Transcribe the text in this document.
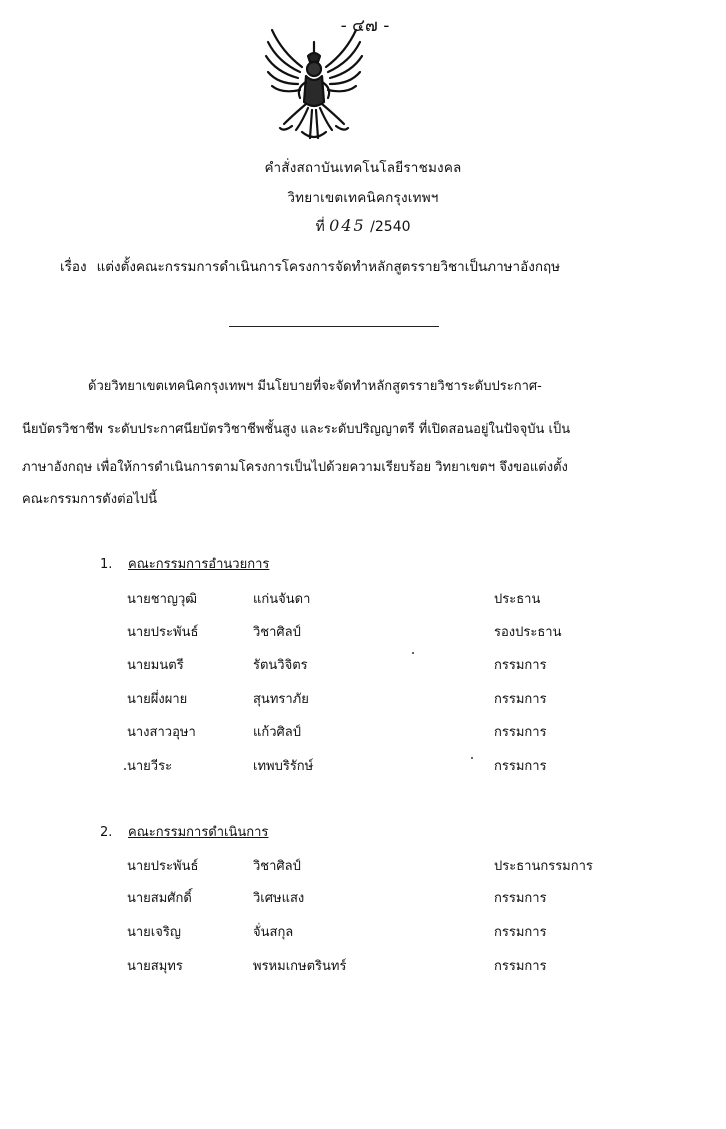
- ๔๗ -
คำสั่งสถาบันเทคโนโลยีราชมงคล
วิทยาเขตเทคนิคกรุงเทพฯ
ที่ 045 /2540
เรื่อง แต่งตั้งคณะกรรมการดำเนินการโครงการจัดทำหลักสูตรรายวิชาเป็นภาษาอังกฤษ
ด้วยวิทยาเขตเทคนิคกรุงเทพฯ มีนโยบายที่จะจัดทำหลักสูตรรายวิชาระดับประกาศ-
นียบัตรวิชาชีพ ระดับประกาศนียบัตรวิชาชีพชั้นสูง และระดับปริญญาตรี ที่เปิดสอนอยู่ในปัจจุบัน เป็น
ภาษาอังกฤษ เพื่อให้การดำเนินการตามโครงการเป็นไปด้วยความเรียบร้อย วิทยาเขตฯ จึงขอแต่งตั้ง
คณะกรรมการดังต่อไปนี้
1. คณะกรรมการอำนวยการ
นายชาญวุฒิ	แก่นจันดา	ประธาน
นายประพันธ์	วิชาศิลป์	รองประธาน
นายมนตรี	รัตนวิจิตร	กรรมการ
นายผึ่งผาย	สุนทราภัย	กรรมการ
นางสาวอุษา	แก้วศิลป์	กรรมการ
นายวีระ	เทพบริรักษ์	กรรมการ
2. คณะกรรมการดำเนินการ
นายประพันธ์	วิชาศิลป์	ประธานกรรมการ
นายสมศักดิ์	วิเศษแสง	กรรมการ
นายเจริญ	จั่นสกุล	กรรมการ
นายสมุทร	พรหมเกษตรินทร์	กรรมการ
